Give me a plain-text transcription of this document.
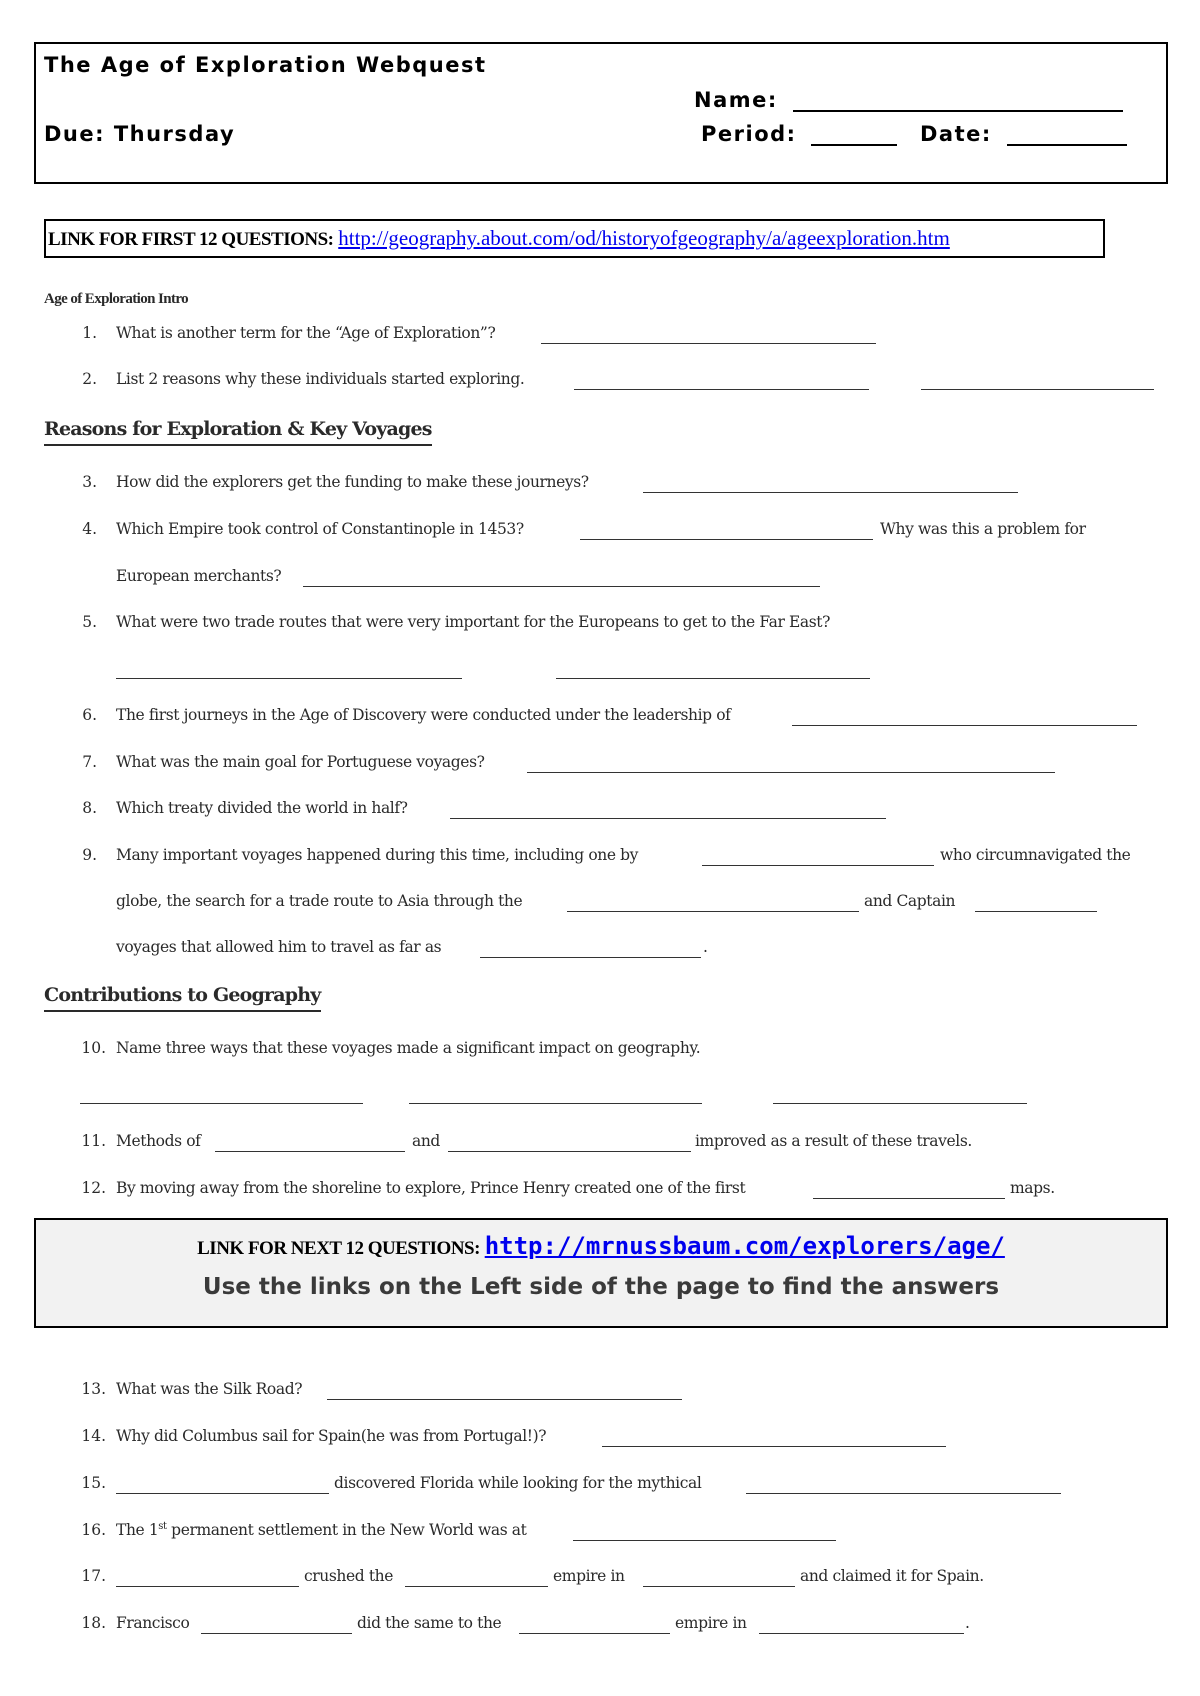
The Age of Exploration Webquest
Due: Thursday
Name:
Period:	Date:
LINK FOR FIRST 12 QUESTIONS: http://geography.about.com/od/historyofgeography/a/ageexploration.htm
Age of Exploration Intro
1. What is another term for the “Age of Exploration”?
2. List 2 reasons why these individuals started exploring.
Reasons for Exploration & Key Voyages
3. How did the explorers get the funding to make these journeys?
4. Which Empire took control of Constantinople in 1453?	Why was this a problem for
European merchants?
5. What were two trade routes that were very important for the Europeans to get to the Far East?
6. The first journeys in the Age of Discovery were conducted under the leadership of
7. What was the main goal for Portuguese voyages?
8. Which treaty divided the world in half?
9. Many important voyages happened during this time, including one by	who circumnavigated the
globe, the search for a trade route to Asia through the	and Captain
voyages that allowed him to travel as far as	.
Contributions to Geography
10. Name three ways that these voyages made a significant impact on geography.
11. Methods of	and	improved as a result of these travels.
12. By moving away from the shoreline to explore, Prince Henry created one of the first	maps.
LINK FOR NEXT 12 QUESTIONS: http://mrnussbaum.com/explorers/age/
Use the links on the Left side of the page to find the answers
13. What was the Silk Road?
14. Why did Columbus sail for Spain(he was from Portugal!)?
15.	discovered Florida while looking for the mythical
16. The 1st permanent settlement in the New World was at
17.	crushed the	empire in	and claimed it for Spain.
18. Francisco	did the same to the	empire in	.
